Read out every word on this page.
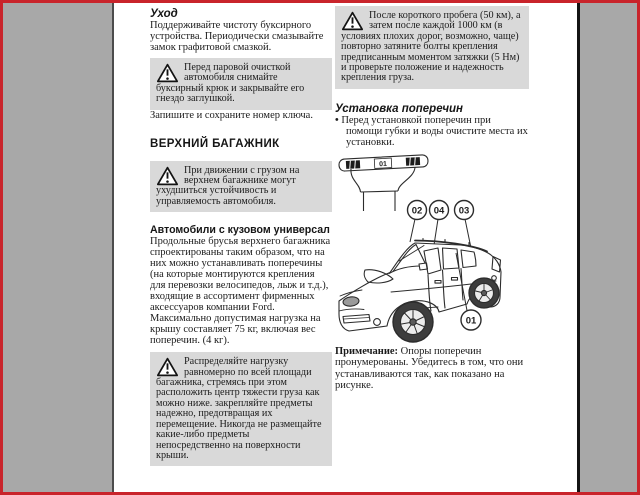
Уход

Поддерживайте чистоту буксирного устройства. Периодически смазывайте замок графитовой смазкой.

Перед паровой очисткой автомобиля снимайте буксирный крюк и закрывайте его гнездо заглушкой.

Запишите и сохраните номер ключа.

ВЕРХНИЙ БАГАЖНИК
При движении с грузом на верхнем багажнике могут ухудшиться устойчивость и управляемость автомобиля.
Автомобили с кузовом универсал

Продольные брусья верхнего багажника спроектированы таким образом, что на них можно устанавливать поперечины (на которые монтируются крепления для перевозки велосипедов, лыж и т.д.), входящие в ассортимент фирменных аксессуаров компании Ford.

Максимально допустимая нагрузка на крышу составляет 75 кг, включая вес поперечин. (4 кг).

Распределяйте нагрузку равномерно по всей площади багажника, стремясь при этом расположить центр тяжести груза как можно ниже. закрепляйте предметы надежно, предотвращая их перемещение. Никогда не размещайте какие-либо предметы непосредственно на поверхности крыши.
После короткого пробега (50 км), а затем после каждой 1000 км (в условиях плохих дорог, возможно, чаще) повторно затяните болты крепления предписанным моментом затяжки (5 Нм) и проверьте положение и надежность крепления груза.
Установка поперечин

• Перед установкой поперечин при помощи губки и воды очистите места их установки.

01
02 04 03
01

Примечание: Опоры поперечин пронумерованы. Убедитесь в том, что они устанавливаются так, как показано на рисунке.
